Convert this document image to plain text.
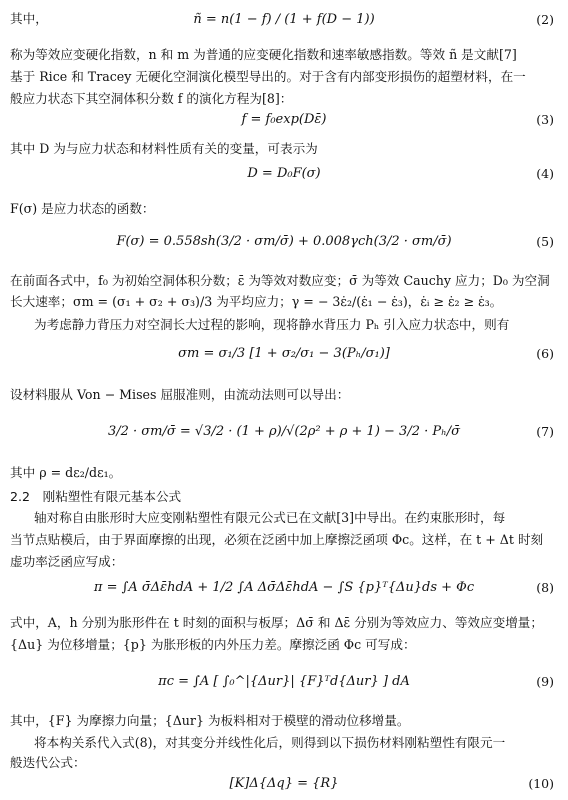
其中，	ñ = n(1 − f) / (1 + f(D − 1))	(2)
称为等效应变硬化指数，n 和 m 为普通的应变硬化指数和速率敏感指数。等效 ñ 是文献[7]
基于 Rice 和 Tracey 无硬化空洞演化模型导出的。对于含有内部变形损伤的超塑材料，在一
般应力状态下其空洞体积分数 f 的演化方程为[8]：
f = f₀exp(Dε̄)	(3)
其中 D 为与应力状态和材料性质有关的变量，可表示为
D = D₀F(σ)	(4)
F(σ) 是应力状态的函数：
F(σ) = 0.558sh(3/2 · σm/σ̄) + 0.008γch(3/2 · σm/σ̄)	(5)
在前面各式中，f₀ 为初始空洞体积分数；ε̄ 为等效对数应变；σ̄ 为等效 Cauchy 应力；D₀ 为空洞
长大速率；σm = (σ₁ + σ₂ + σ₃)/3 为平均应力；γ = − 3ε̇₂/(ε̇₁ − ε̇₃)，ε̇ᵢ ≥ ε̇₂ ≥ ε̇₃。
为考虑静力背压力对空洞长大过程的影响，现将静水背压力 Pₕ 引入应力状态中，则有
σm = σ₁/3 [1 + σ₂/σ₁ − 3(Pₕ/σ₁)]	(6)
设材料服从 Von − Mises 屈服准则，由流动法则可以导出：
3/2 · σm/σ̄ = √3/2 · (1 + ρ)/√(2ρ² + ρ + 1) − 3/2 · Pₕ/σ̄	(7)
其中 ρ = dε₂/dε₁。
2.2　刚粘塑性有限元基本公式
轴对称自由胀形时大应变刚粘塑性有限元公式已在文献[3]中导出。在约束胀形时，每
当节点贴模后，由于界面摩擦的出现，必须在泛函中加上摩擦泛函项 Φc。这样，在 t + Δt 时刻
虚功率泛函应写成：
π = ∫A σ̄Δε̄hdA + 1/2 ∫A Δσ̄Δε̄hdA − ∫S {p}ᵀ{Δu}ds + Φc	(8)
式中，A，h 分别为胀形件在 t 时刻的面积与板厚；Δσ̄ 和 Δε̄ 分别为等效应力、等效应变增量；
{Δu} 为位移增量；{p} 为胀形板的内外压力差。摩擦泛函 Φc 可写成：
πc = ∫A [ ∫₀^|{Δur}| {F}ᵀd{Δur} ] dA	(9)
其中，{F} 为摩擦力向量；{Δur} 为板料相对于模壁的滑动位移增量。
将本构关系代入式(8)，对其变分并线性化后，则得到以下损伤材料刚粘塑性有限元一
般迭代公式：
[K]Δ{Δq} = {R}	(10)
